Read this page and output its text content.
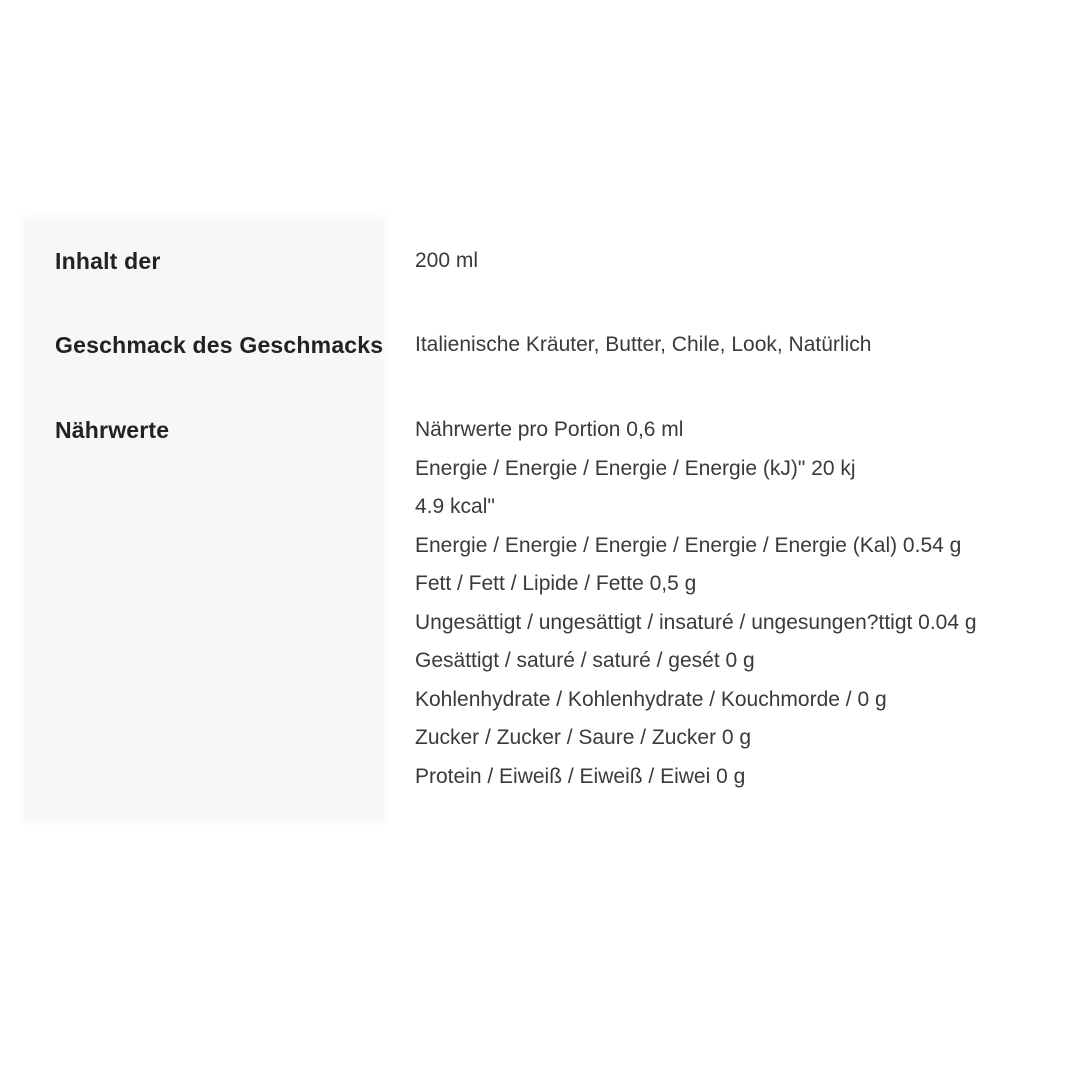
Inhalt der	200 ml
Geschmack des Geschmacks Italienische Kräuter, Butter, Chile, Look, Natürlich
Nährwerte	Nährwerte pro Portion 0,6 ml
Energie / Energie / Energie / Energie (kJ)" 20 kj
4.9 kcal"
Energie / Energie / Energie / Energie / Energie (Kal) 0.54 g
Fett / Fett / Lipide / Fette 0,5 g
Ungesättigt / ungesättigt / insaturé / ungesungen?ttigt 0.04 g
Gesättigt / saturé / saturé / gesét 0 g
Kohlenhydrate / Kohlenhydrate / Kouchmorde / 0 g
Zucker / Zucker / Saure / Zucker 0 g
Protein / Eiweiß / Eiweiß / Eiwei 0 g
